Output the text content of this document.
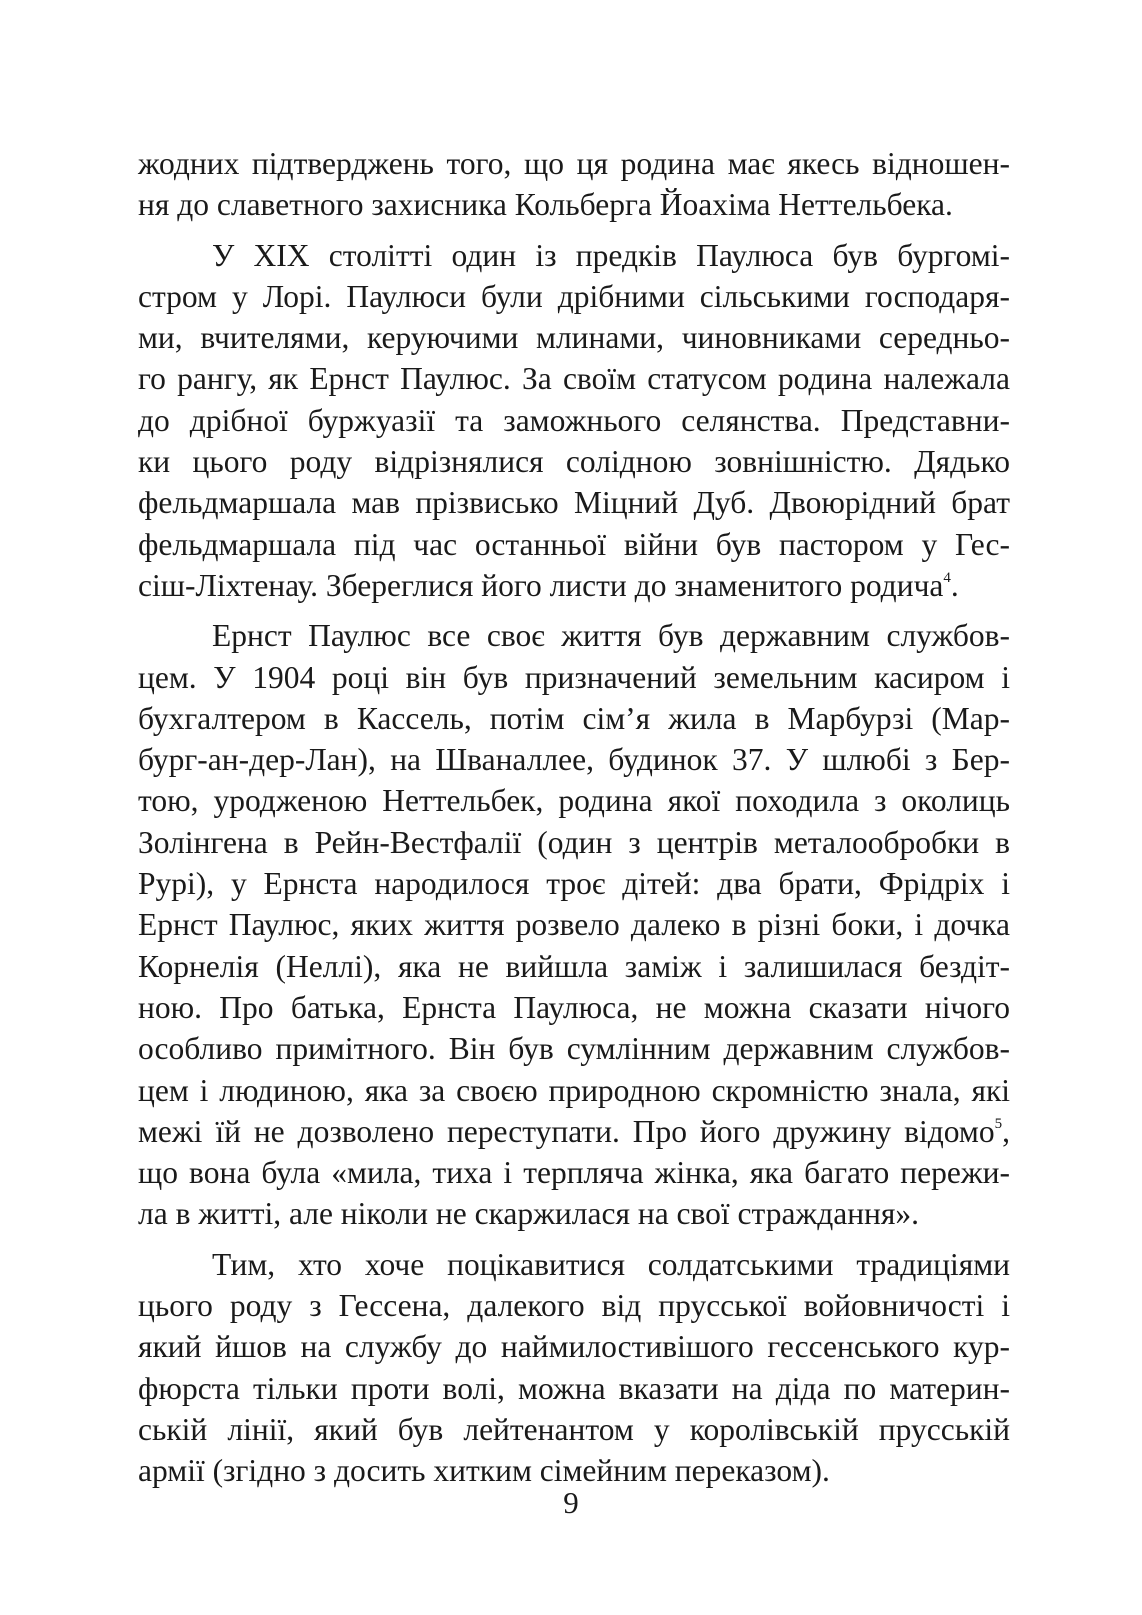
жодних підтверджень того, що ця родина має якесь відношен-
ня до славетного захисника Кольберга Йоахіма Неттельбека.
У XIX столітті один із предків Паулюса був бургомі-
стром у Лорі. Паулюси були дрібними сільськими господаря-
ми, вчителями, керуючими млинами, чиновниками середньо-
го рангу, як Ернст Паулюс. За своїм статусом родина належала
до дрібної буржуазії та заможнього селянства. Представни-
ки цього роду відрізнялися солідною зовнішністю. Дядько
фельдмаршала мав прізвисько Міцний Дуб. Двоюрідний брат
фельдмаршала під час останньої війни був пастором у Гес-
сіш-Ліхтенау. Збереглися його листи до знаменитого родича$^4$.
Ернст Паулюс все своє життя був державним службов-
цем. У 1904 році він був призначений земельним касиром і
бухгалтером в Кассель, потім сім’я жила в Марбурзі (Мар-
бург-ан-дер-Лан), на Шваналлее, будинок 37. У шлюбі з Бер-
тою, уродженою Неттельбек, родина якої походила з околиць
Золінгена в Рейн-Вестфалії (один з центрів металообробки в
Рурі), у Ернста народилося троє дітей: два брати, Фрідріх і
Ернст Паулюс, яких життя розвело далеко в різні боки, і дочка
Корнелія (Неллі), яка не вийшла заміж і залишилася бездіт-
ною. Про батька, Ернста Паулюса, не можна сказати нічого
особливо примітного. Він був сумлінним державним службов-
цем і людиною, яка за своєю природною скромністю знала, які
межі їй не дозволено переступати. Про його дружину відомо$^5$,
що вона була «мила, тиха і терпляча жінка, яка багато пережи-
ла в житті, але ніколи не скаржилася на свої страждання».
Тим, хто хоче поцікавитися солдатськими традиціями
цього роду з Гессена, далекого від прусської войовничості і
який йшов на службу до наймилостивішого гессенського кур-
фюрста тільки проти волі, можна вказати на діда по материн-
ській лінії, який був лейтенантом у королівській прусській
армії (згідно з досить хитким сімейним переказом).
9
